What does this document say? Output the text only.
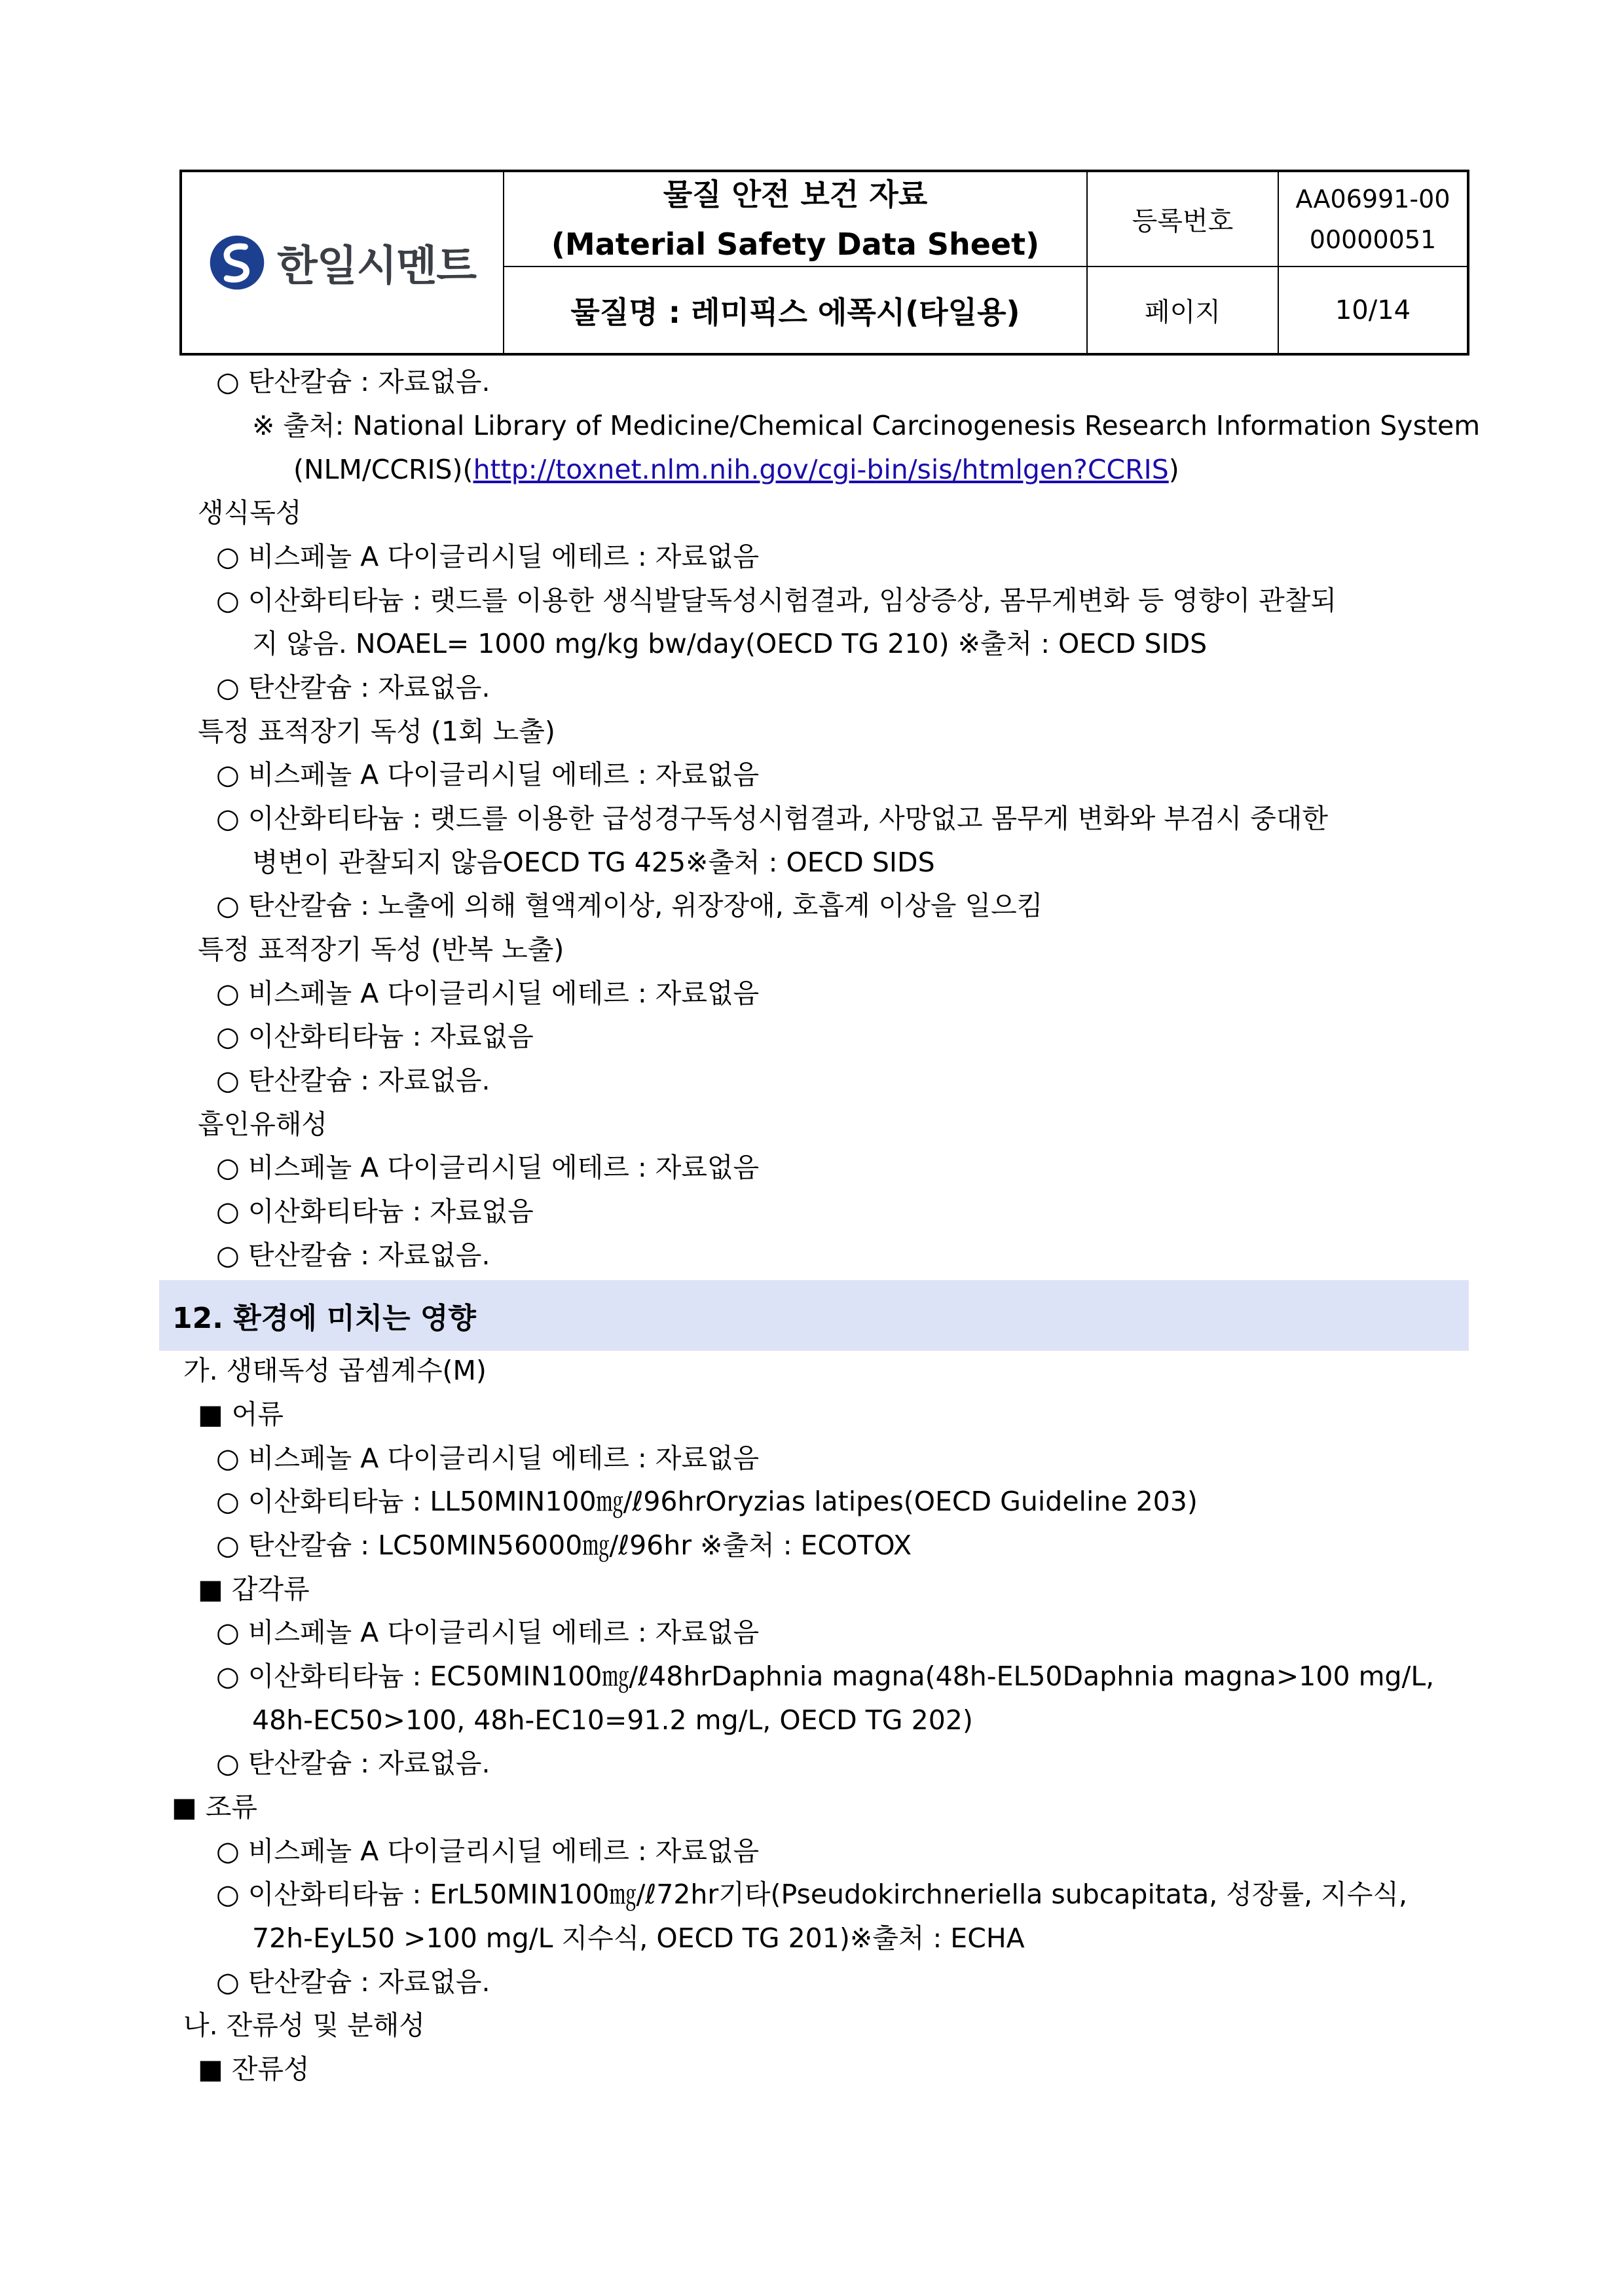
한일시멘트
물질 안전 보건 자료
(Material Safety Data Sheet)
물질명 : 레미픽스 에폭시(타일용)
등록번호
AA06991-00
00000051
페이지	10/14
○ 탄산칼슘 : 자료없음.
※ 출처: National Library of Medicine/Chemical Carcinogenesis Research Information System
(NLM/CCRIS)(http://toxnet.nlm.nih.gov/cgi-bin/sis/htmlgen?CCRIS)
생식독성
○ 비스페놀 A 다이글리시딜 에테르 : 자료없음
○ 이산화티타늄 : 랫드를 이용한 생식발달독성시험결과, 임상증상, 몸무게변화 등 영향이 관찰되
지 않음. NOAEL= 1000 mg/kg bw/day(OECD TG 210) ※출처 : OECD SIDS
○ 탄산칼슘 : 자료없음.
특정 표적장기 독성 (1회 노출)
○ 비스페놀 A 다이글리시딜 에테르 : 자료없음
○ 이산화티타늄 : 랫드를 이용한 급성경구독성시험결과, 사망없고 몸무게 변화와 부검시 중대한
병변이 관찰되지 않음OECD TG 425※출처 : OECD SIDS
○ 탄산칼슘 : 노출에 의해 혈액계이상, 위장장애, 호흡계 이상을 일으킴
특정 표적장기 독성 (반복 노출)
○ 비스페놀 A 다이글리시딜 에테르 : 자료없음
○ 이산화티타늄 : 자료없음
○ 탄산칼슘 : 자료없음.
흡인유해성
○ 비스페놀 A 다이글리시딜 에테르 : 자료없음
○ 이산화티타늄 : 자료없음
○ 탄산칼슘 : 자료없음.
12. 환경에 미치는 영향
가. 생태독성 곱셈계수(M)
■ 어류
○ 비스페놀 A 다이글리시딜 에테르 : 자료없음
○ 이산화티타늄 : LL50MIN100㎎/ℓ96hrOryzias latipes(OECD Guideline 203)
○ 탄산칼슘 : LC50MIN56000㎎/ℓ96hr ※출처 : ECOTOX
■ 갑각류
○ 비스페놀 A 다이글리시딜 에테르 : 자료없음
○ 이산화티타늄 : EC50MIN100㎎/ℓ48hrDaphnia magna(48h-EL50Daphnia magna>100 mg/L,
48h-EC50>100, 48h-EC10=91.2 mg/L, OECD TG 202)
○ 탄산칼슘 : 자료없음.
■ 조류
○ 비스페놀 A 다이글리시딜 에테르 : 자료없음
○ 이산화티타늄 : ErL50MIN100㎎/ℓ72hr기타(Pseudokirchneriella subcapitata, 성장률, 지수식,
72h-EyL50 >100 mg/L 지수식, OECD TG 201)※출처 : ECHA
○ 탄산칼슘 : 자료없음.
나. 잔류성 및 분해성
■ 잔류성
